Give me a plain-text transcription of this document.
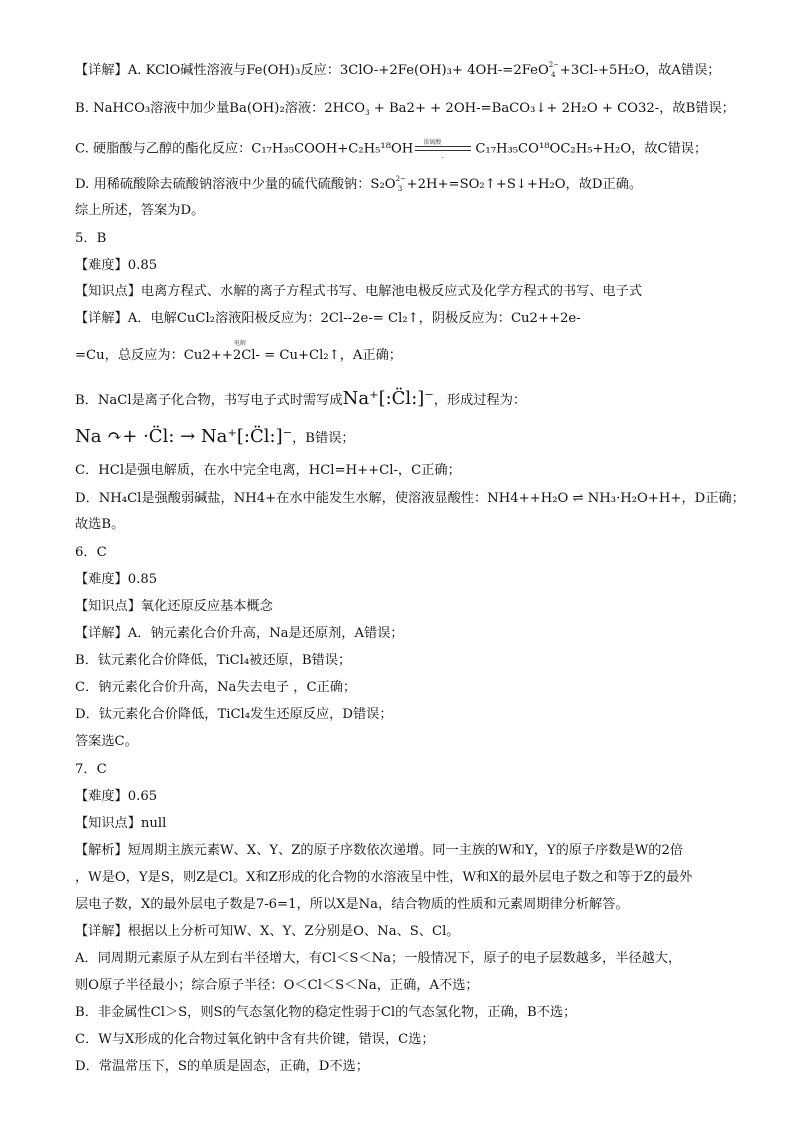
【详解】A. KClO碱性溶液与Fe(OH)₃反应：3ClO-+2Fe(OH)₃+ 4OH-=2FeO$^{2-}_4$ +3Cl-+5H₂O，故A错误；
B. NaHCO₃溶液中加少量Ba(OH)₂溶液：$2HCO_3 + Ba2+$ + 2OH-=BaCO₃↓+ 2H₂O + CO32-，故B错误；
C. 硬脂酸与乙醇的酯化反应：C₁₇H₃₅COOH+C₂H₅¹⁸OH 浓硫酸
-
C₁₇H₃₅CO¹⁸OC₂H₅+H₂O，故C错误；
D. 用稀硫酸除去硫酸钠溶液中少量的硫代硫酸钠：$S_2O^{2-}_3$ +2H+=SO₂↑+S↓+H₂O，故D正确。
综上所述，答案为D。
5．B
【难度】0.85
【知识点】电离方程式、水解的离子方程式书写、电解池电极反应式及化学方程式的书写、电子式
【详解】A．电解CuCl₂溶液阳极反应为：2Cl--2e-= Cl₂↑，阴极反应为：Cu2++2e-
电解
=Cu，总反应为：Cu2++2Cl- = Cu+Cl₂↑，A正确；
B．NaCl是离子化合物，书写电子式时需写成Na⁺[:C̈l:]⁻，形成过程为：
Na ↷+ ·C̈l: → Na⁺[:C̈l:]⁻，B错误；
C．HCl是强电解质，在水中完全电离，HCl=H++Cl-，C正确；
D．NH₄Cl是强酸弱碱盐，NH4+在水中能发生水解，使溶液显酸性：NH4++H₂O ⇌ NH₃·H₂O+H+，D正确；
故选B。
6．C
【难度】0.85
【知识点】氧化还原反应基本概念
【详解】A．钠元素化合价升高，Na是还原剂，A错误；
B．钛元素化合价降低，TiCl₄被还原，B错误；
C．钠元素化合价升高，Na失去电子 ，C正确；
D．钛元素化合价降低，TiCl₄发生还原反应，D错误；
答案选C。
7．C
【难度】0.65
【知识点】null
【解析】短周期主族元素W、X、Y、Z的原子序数依次递增。同一主族的W和Y，Y的原子序数是W的2倍
，W是O，Y是S，则Z是Cl。X和Z形成的化合物的水溶液呈中性，W和X的最外层电子数之和等于Z的最外
层电子数，X的最外层电子数是7-6=1，所以X是Na，结合物质的性质和元素周期律分析解答。
【详解】根据以上分析可知W、X、Y、Z分别是O、Na、S、Cl。
A．同周期元素原子从左到右半径增大，有Cl＜S＜Na；一般情况下，原子的电子层数越多，半径越大，
则O原子半径最小；综合原子半径：O＜Cl＜S＜Na，正确，A不选；
B．非金属性Cl＞S，则S的气态氢化物的稳定性弱于Cl的气态氢化物，正确，B不选；
C．W与X形成的化合物过氧化钠中含有共价键，错误，C选；
D．常温常压下，S的单质是固态，正确，D不选；
